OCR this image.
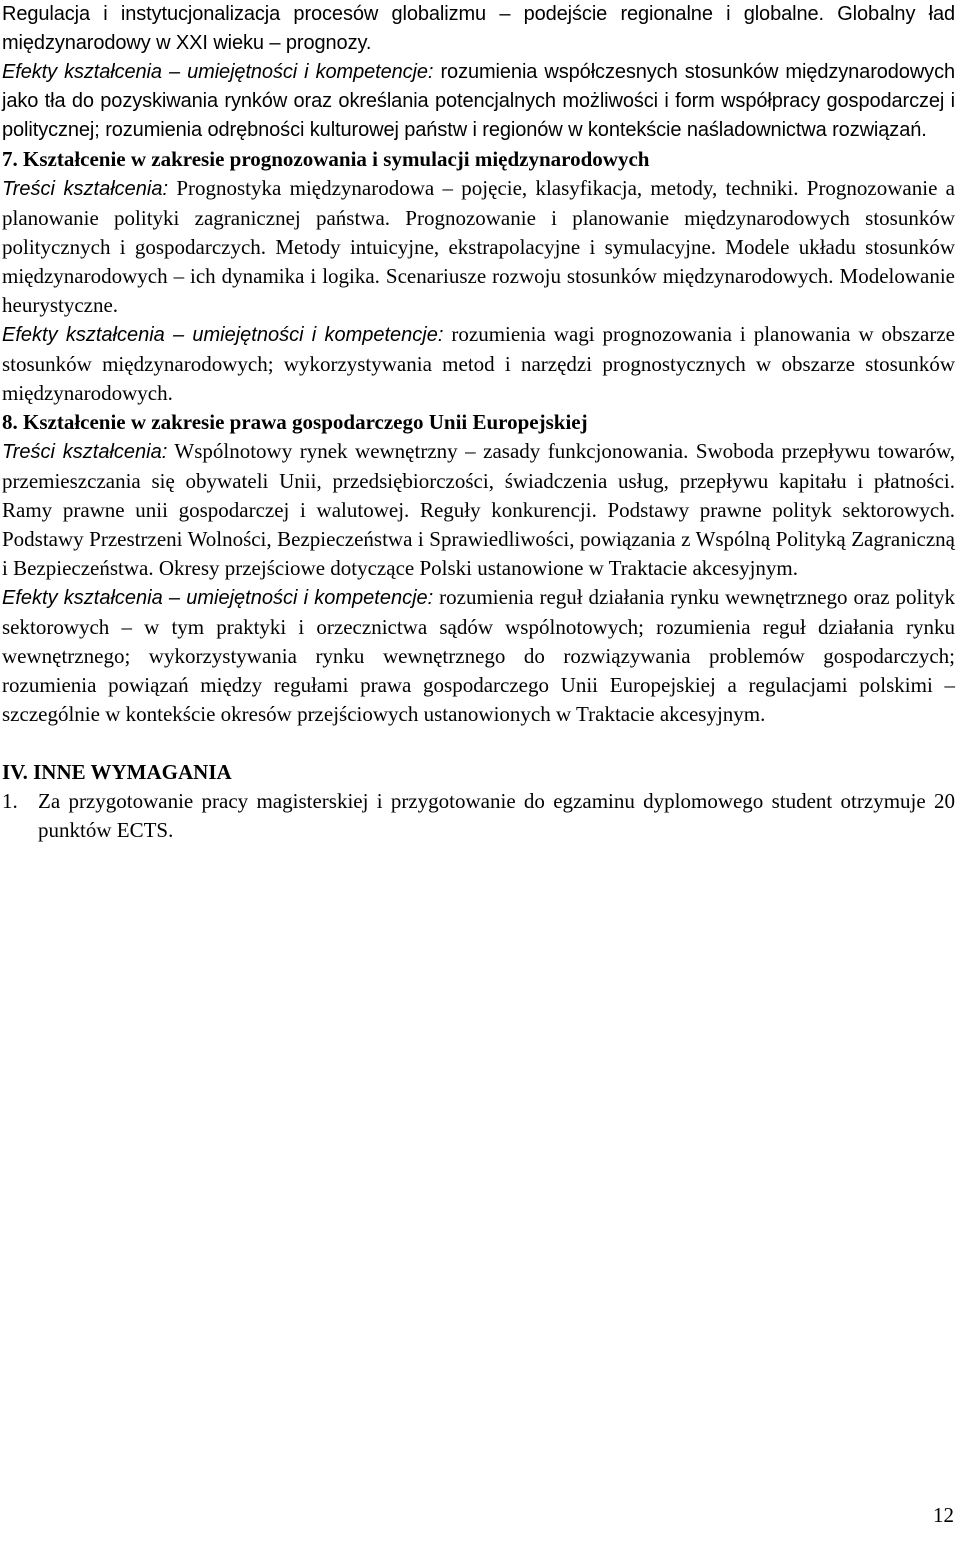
Regulacja i instytucjonalizacja procesów globalizmu – podejście regionalne i globalne. Globalny ład międzynarodowy w XXI wieku – prognozy.

Efekty kształcenia – umiejętności i kompetencje: rozumienia współczesnych stosunków międzynarodowych jako tła do pozyskiwania rynków oraz określania potencjalnych możliwości i form współpracy gospodarczej i politycznej; rozumienia odrębności kulturowej państw i regionów w kontekście naśladownictwa rozwiązań.

7. Kształcenie w zakresie prognozowania i symulacji międzynarodowych

Treści kształcenia: Prognostyka międzynarodowa – pojęcie, klasyfikacja, metody, techniki. Prognozowanie a planowanie polityki zagranicznej państwa. Prognozowanie i planowanie międzynarodowych stosunków politycznych i gospodarczych. Metody intuicyjne, ekstrapolacyjne i symulacyjne. Modele układu stosunków międzynarodowych – ich dynamika i logika. Scenariusze rozwoju stosunków międzynarodowych. Modelowanie heurystyczne.

Efekty kształcenia – umiejętności i kompetencje: rozumienia wagi prognozowania i planowania w obszarze stosunków międzynarodowych; wykorzystywania metod i narzędzi prognostycznych w obszarze stosunków międzynarodowych.

8. Kształcenie w zakresie prawa gospodarczego Unii Europejskiej

Treści kształcenia: Wspólnotowy rynek wewnętrzny – zasady funkcjonowania. Swoboda przepływu towarów, przemieszczania się obywateli Unii, przedsiębiorczości, świadczenia usług, przepływu kapitału i płatności. Ramy prawne unii gospodarczej i walutowej. Reguły konkurencji. Podstawy prawne polityk sektorowych. Podstawy Przestrzeni Wolności, Bezpieczeństwa i Sprawiedliwości, powiązania z Wspólną Polityką Zagraniczną i Bezpieczeństwa. Okresy przejściowe dotyczące Polski ustanowione w Traktacie akcesyjnym.

Efekty kształcenia – umiejętności i kompetencje: rozumienia reguł działania rynku wewnętrznego oraz polityk sektorowych – w tym praktyki i orzecznictwa sądów wspólnotowych; rozumienia reguł działania rynku wewnętrznego; wykorzystywania rynku wewnętrznego do rozwiązywania problemów gospodarczych; rozumienia powiązań między regułami prawa gospodarczego Unii Europejskiej a regulacjami polskimi – szczególnie w kontekście okresów przejściowych ustanowionych w Traktacie akcesyjnym.

IV. INNE WYMAGANIA

1. Za przygotowanie pracy magisterskiej i przygotowanie do egzaminu dyplomowego student otrzymuje 20 punktów ECTS.
12
